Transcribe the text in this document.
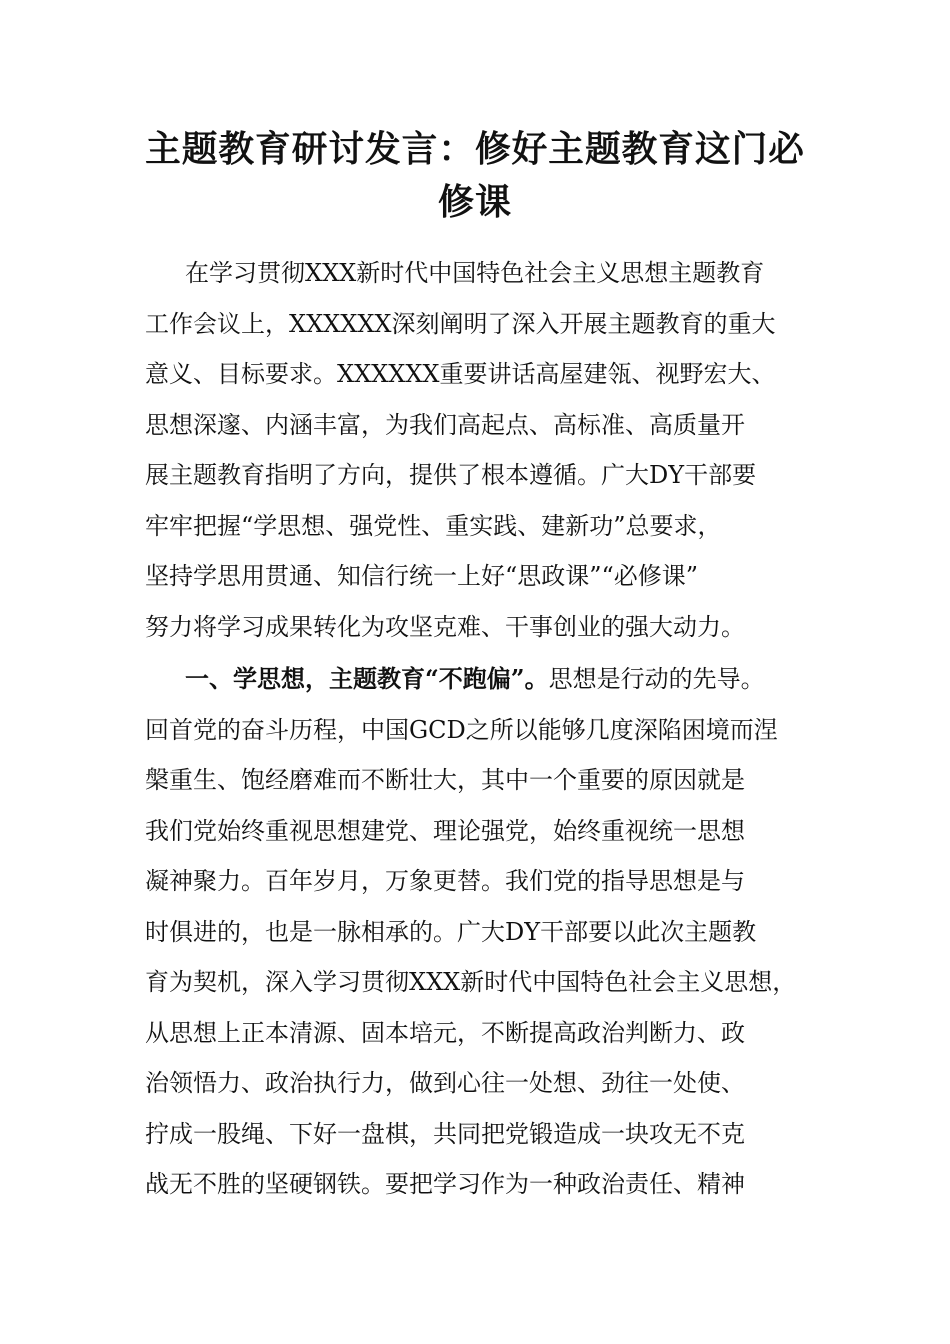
主题教育研讨发言：修好主题教育这门必
修课
在学习贯彻XXX新时代中国特色社会主义思想主题教育
工作会议上，XXXXXX深刻阐明了深入开展主题教育的重大
意义、目标要求。XXXXXX重要讲话高屋建瓴、视野宏大、
思想深邃、内涵丰富，为我们高起点、高标准、高质量开
展主题教育指明了方向，提供了根本遵循。广大DY干部要
牢牢把握“学思想、强党性、重实践、建新功”总要求，
坚持学思用贯通、知信行统一上好“思政课”“必修课”
努力将学习成果转化为攻坚克难、干事创业的强大动力。
一、学思想，主题教育“不跑偏”。思想是行动的先导。
回首党的奋斗历程，中国GCD之所以能够几度深陷困境而涅
槃重生、饱经磨难而不断壮大，其中一个重要的原因就是
我们党始终重视思想建党、理论强党，始终重视统一思想
凝神聚力。百年岁月，万象更替。我们党的指导思想是与
时俱进的，也是一脉相承的。广大DY干部要以此次主题教
育为契机，深入学习贯彻XXX新时代中国特色社会主义思想，
从思想上正本清源、固本培元，不断提高政治判断力、政
治领悟力、政治执行力，做到心往一处想、劲往一处使、
拧成一股绳、下好一盘棋，共同把党锻造成一块攻无不克
战无不胜的坚硬钢铁。要把学习作为一种政治责任、精神
